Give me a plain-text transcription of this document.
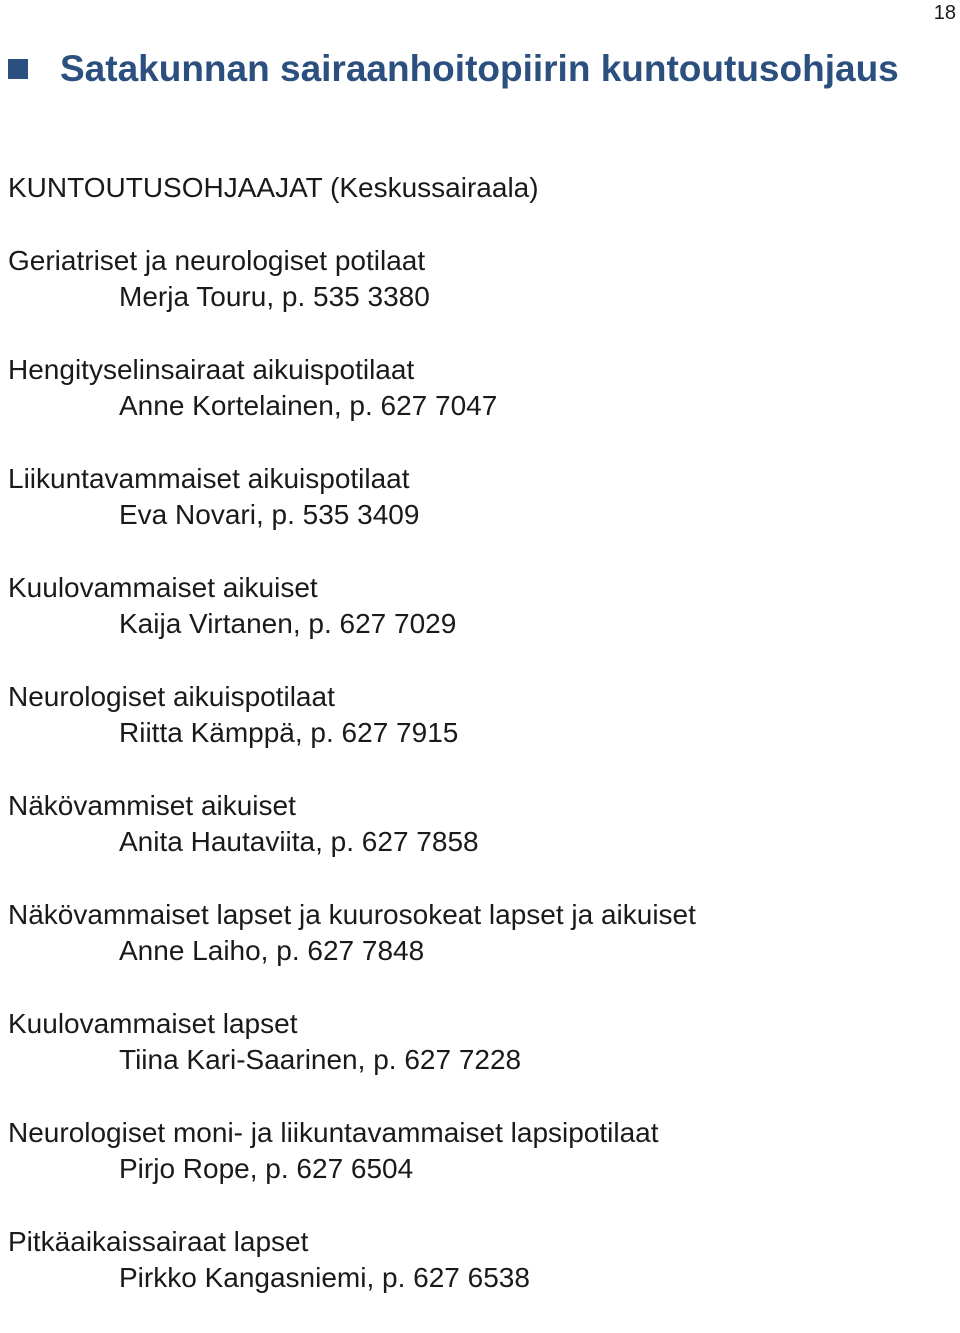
18
Satakunnan sairaanhoitopiirin kuntoutusohjaus
KUNTOUTUSOHJAAJAT (Keskussairaala)
Geriatriset ja neurologiset potilaat
Merja Touru, p. 535 3380
Hengityselinsairaat aikuispotilaat
Anne Kortelainen, p. 627 7047
Liikuntavammaiset aikuispotilaat
Eva Novari, p. 535 3409
Kuulovammaiset aikuiset
Kaija Virtanen, p. 627 7029
Neurologiset aikuispotilaat
Riitta Kämppä, p. 627 7915
Näkövammiset aikuiset
Anita Hautaviita, p. 627 7858
Näkövammaiset lapset ja kuurosokeat lapset ja aikuiset
Anne Laiho, p. 627 7848
Kuulovammaiset lapset
Tiina Kari-Saarinen, p. 627 7228
Neurologiset moni- ja liikuntavammaiset lapsipotilaat
Pirjo Rope, p. 627 6504
Pitkäaikaissairaat lapset
Pirkko Kangasniemi, p. 627 6538
